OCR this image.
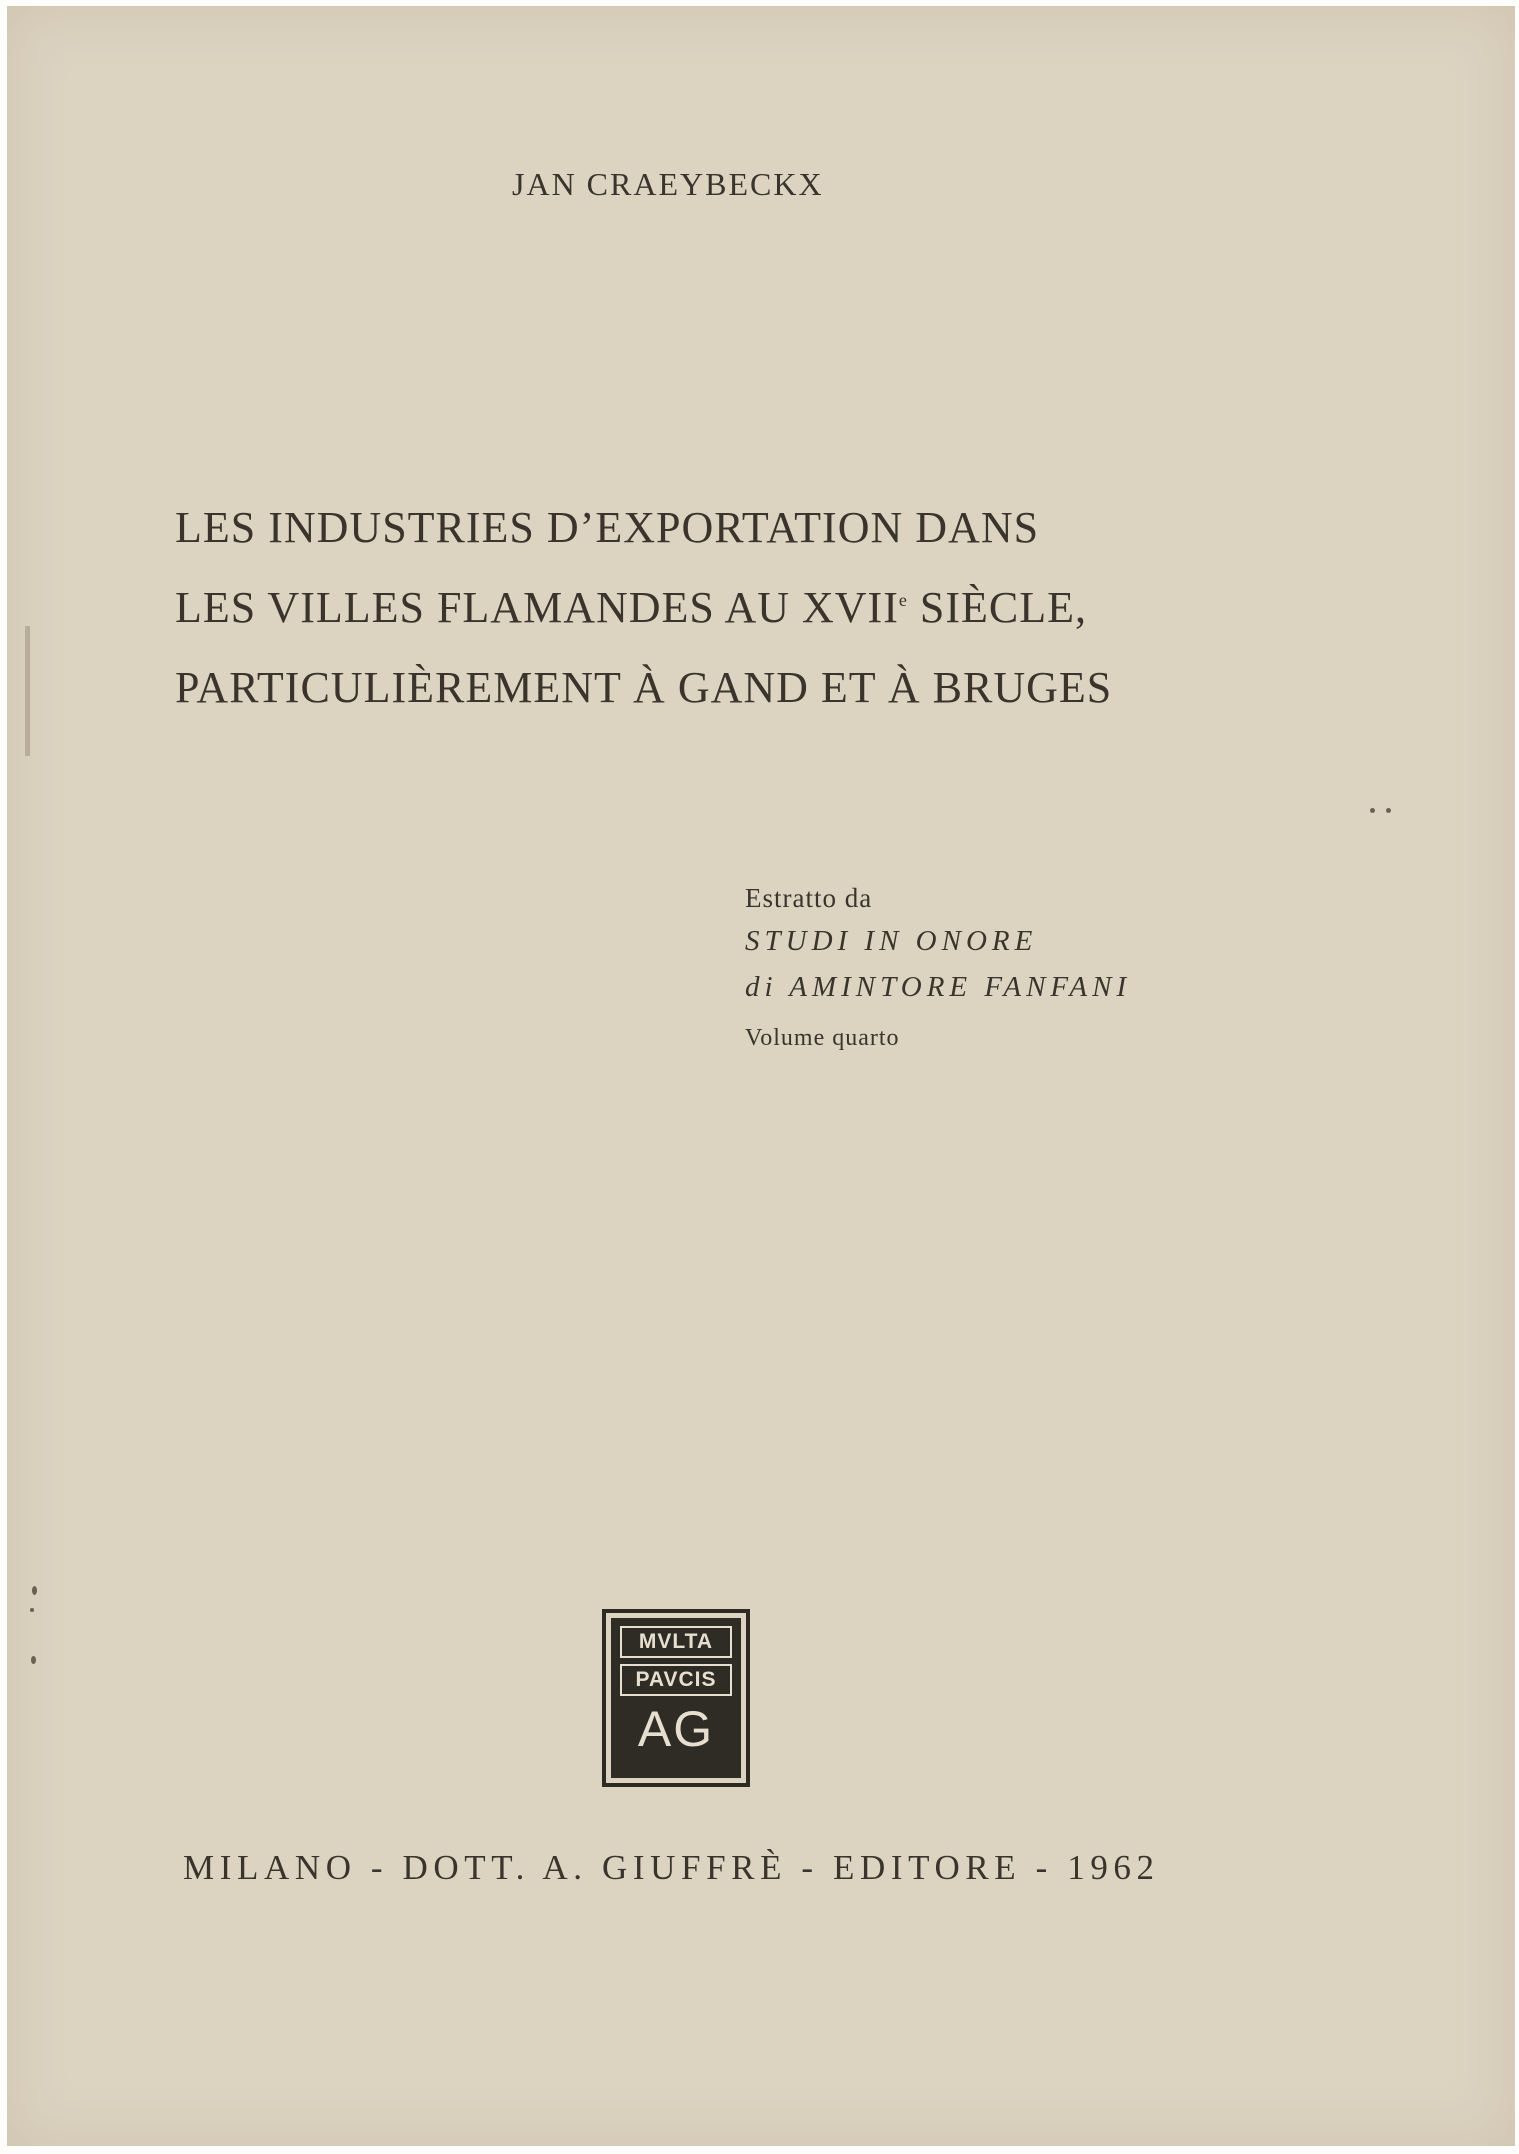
JAN CRAEYBECKX
LES INDUSTRIES D’EXPORTATION DANS
LES VILLES FLAMANDES AU XVIIe SIÈCLE,
PARTICULIÈREMENT À GAND ET À BRUGES
Estratto da
STUDI IN ONORE
di AMINTORE FANFANI
Volume quarto
MVLTA
PAVCIS
AG
MILANO - DOTT. A. GIUFFRÈ - EDITORE - 1962
